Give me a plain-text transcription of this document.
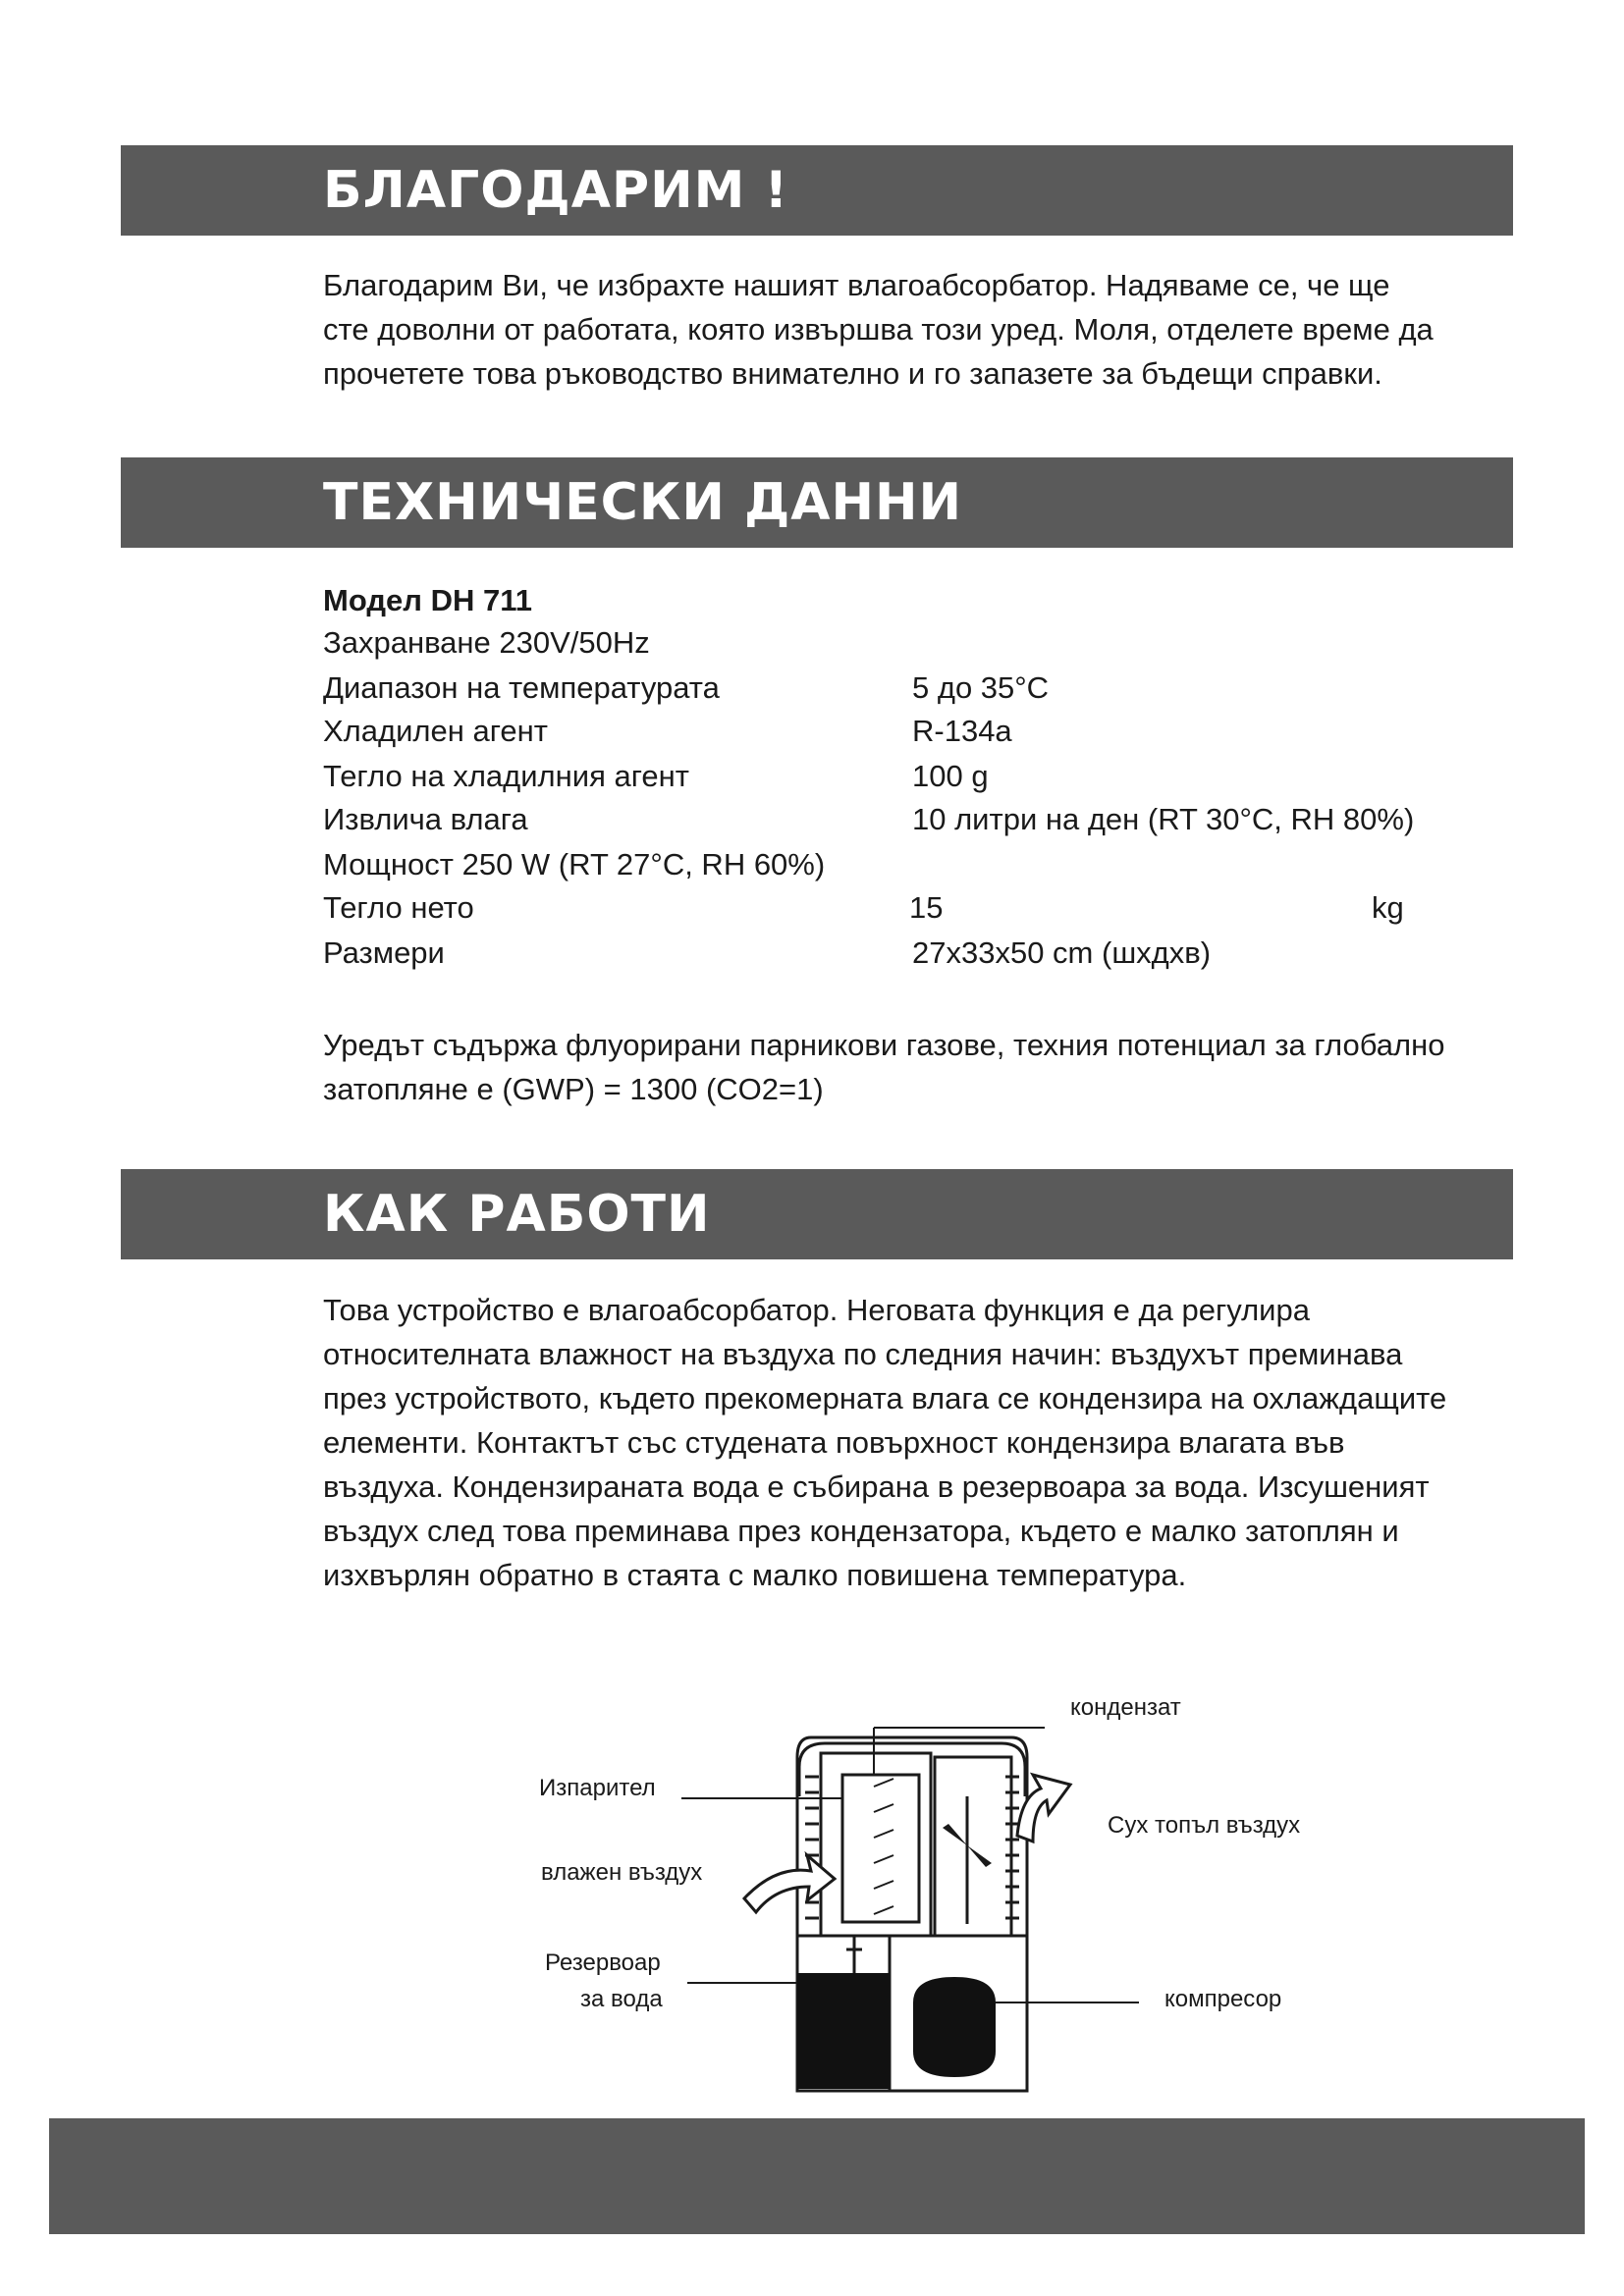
БЛАГОДАРИМ !
Благодарим Ви, че избрахте нашият влагоабсорбатор. Надяваме се, че ще
сте доволни от работата, която извършва този уред. Моля, отделете време да
прочетете това ръководство внимателно и го запазете за бъдещи справки.
ТЕХНИЧЕСКИ ДАННИ
Модел DH 711
Захранване 230V/50Hz
Диапазон на температурата	5 до 35°C
Хладилен агент	R-134a
Тегло на хладилния агент	100 g
Извлича влага	10 литри на ден (RT 30°C, RH 80%)
Мощност 250 W (RT 27°C, RH 60%)
Тегло нето	15	kg
Размери	27x33x50 cm (шхдхв)
Уредът съдържа флуорирани парникови газове, техния потенциал за глобално
затопляне е (GWP) = 1300 (CO2=1)
КАК РАБОТИ
Това устройство е влагоабсорбатор. Неговата функция е да регулира
относителната влажност на въздуха по следния начин: въздухът преминава
през устройството, където прекомерната влага се кондензира на охлаждащите
елементи. Контактът със студената повърхност кондензира влагата във
въздуха. Кондензираната вода е събирана в резервоара за вода. Изсушеният
въздух след това преминава през кондензатора, където е малко затоплян и
изхвърлян обратно в стаята с малко повишена температура.
кондензат
Изпарител
Сух топъл въздух
влажен въздух
Резервоар
за вода	компресор
